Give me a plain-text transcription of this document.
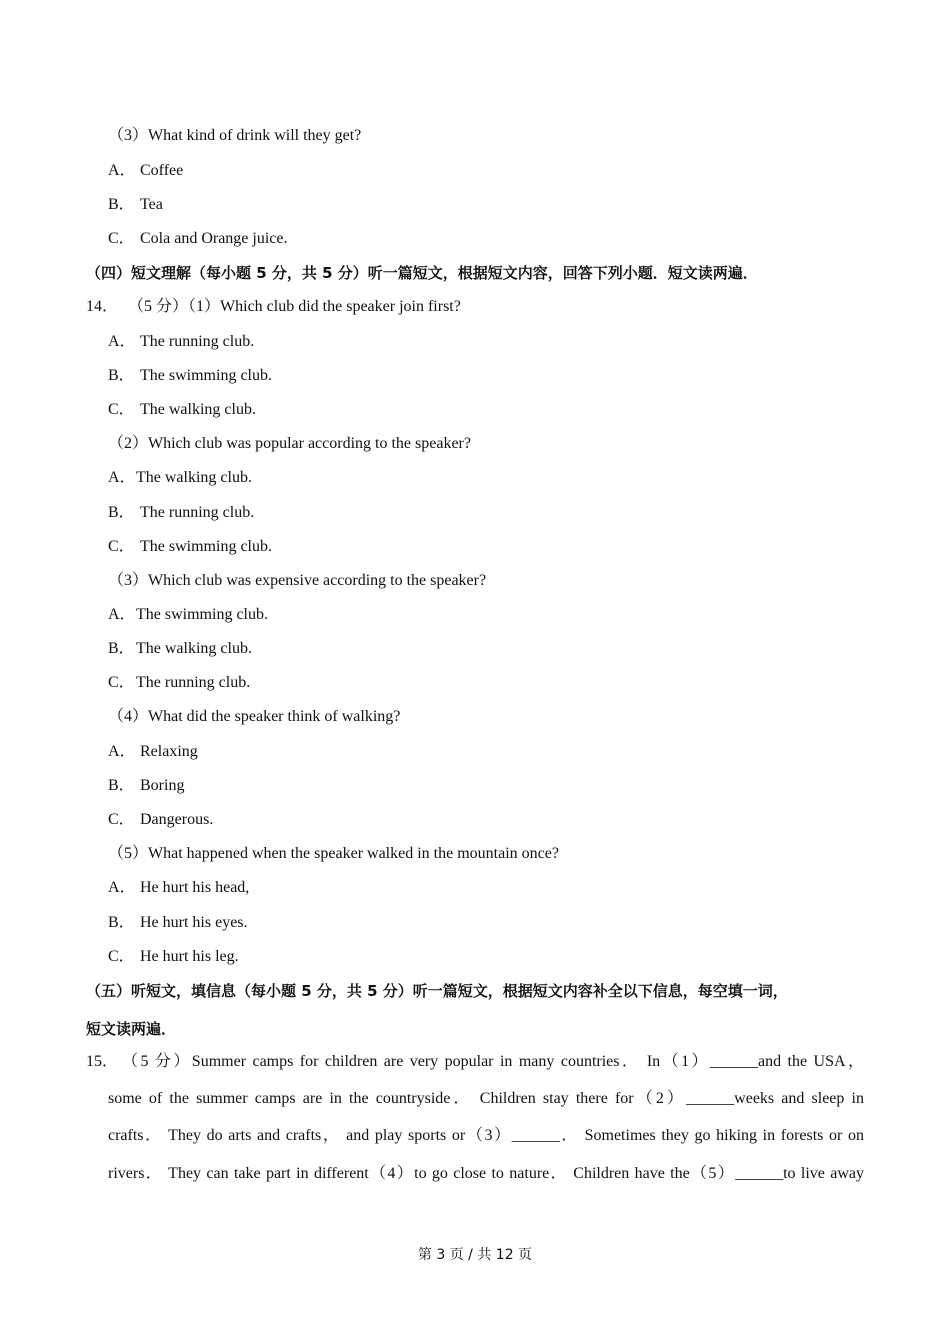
（3）What kind of drink will they get?
A． Coffee
B． Tea
C． Cola and Orange juice.
（四）短文理解（每小题 5 分，共 5 分）听一篇短文，根据短文内容，回答下列小题．短文读两遍．
14． （5 分）（1）Which club did the speaker join first?
A． The running club.
B． The swimming club.
C． The walking club.
（2）Which club was popular according to the speaker?
A．The walking club.
B． The running club.
C． The swimming club.
（3）Which club was expensive according to the speaker?
A．The swimming club.
B．The walking club.
C．The running club.
（4）What did the speaker think of walking?
A． Relaxing
B． Boring
C． Dangerous.
（5）What happened when the speaker walked in the mountain once?
A． He hurt his head,
B． He hurt his eyes.
C． He hurt his leg.
（五）听短文，填信息（每小题 5 分，共 5 分）听一篇短文，根据短文内容补全以下信息，每空填一词，
短文读两遍．
15． （5 分）Summer camps for children are very popular in many countries． In（1）______and the USA，
some of the summer camps are in the countryside． Children stay there for（2）______weeks and sleep in
crafts． They do arts and crafts， and play sports or（3）______． Sometimes they go hiking in forests or on
rivers． They can take part in different（4）to go close to nature． Children have the（5）______to live away
第 3 页 / 共 12 页
